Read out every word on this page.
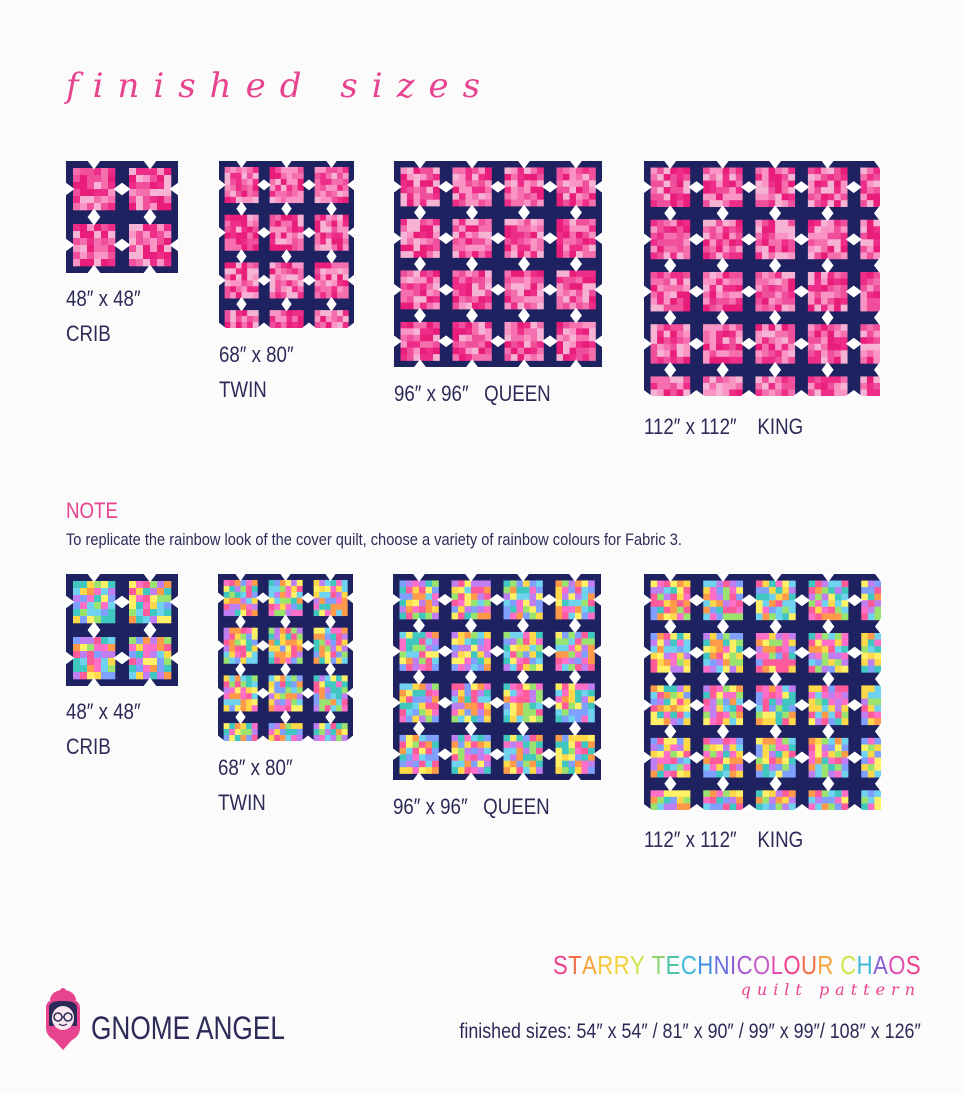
finished sizes
48″ x 48″
CRIB
68″ x 80″
TWIN	96″ x 96″ QUEEN
112″ x 112″ KING
NOTE
To replicate the rainbow look of the cover quilt, choose a variety of rainbow colours for Fabric 3.
48″ x 48″
CRIB
68″ x 80″
TWIN	96″ x 96″ QUEEN
112″ x 112″ KING
STARRY TECHNICOLOUR CHAOS
quilt pattern
finished sizes: 54″ x 54″ / 81″ x 90″ / 99″ x 99″/ 108″ x 126″
GNOME ANGEL
